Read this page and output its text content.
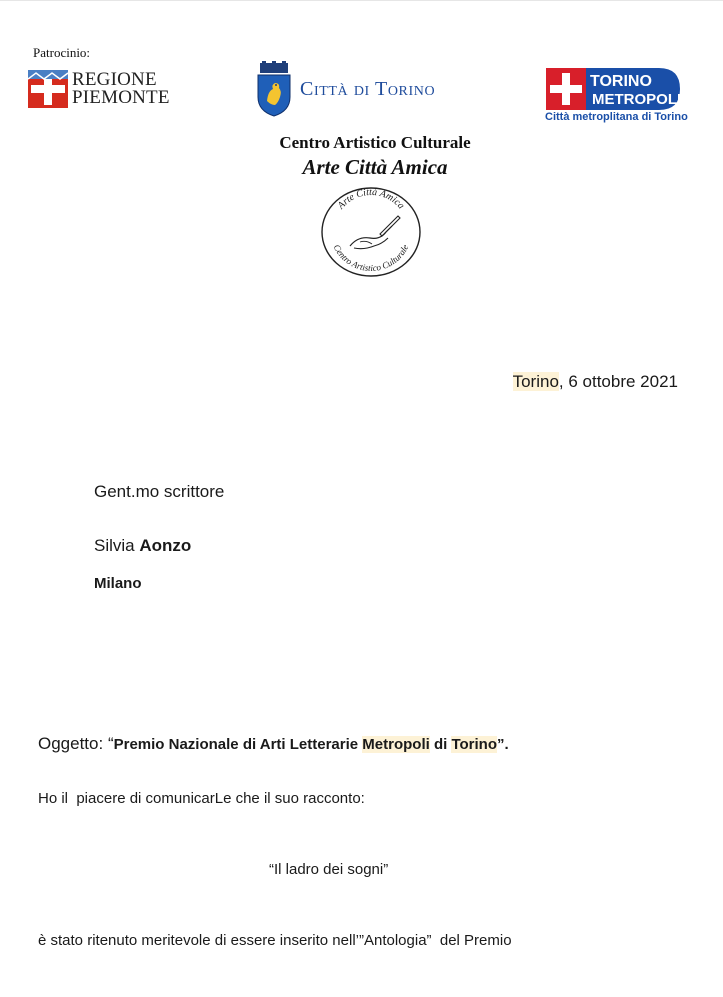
Patrocinio:
REGIONE
PIEMONTE	Città di Torino	TORINO
METROPOLI
Città metroplitana di Torino
Centro Artistico Culturale
Arte Città Amica
Arte Città Amica
Centro Artistico Culturale
Torino, 6 ottobre 2021
Gent.mo scrittore
Silvia Aonzo
Milano
Oggetto: “Premio Nazionale di Arti Letterarie Metropoli di Torino”.
Ho il  piacere di comunicarLe che il suo racconto:
“Il ladro dei sogni”
è stato ritenuto meritevole di essere inserito nell’”Antologia”  del Premio
